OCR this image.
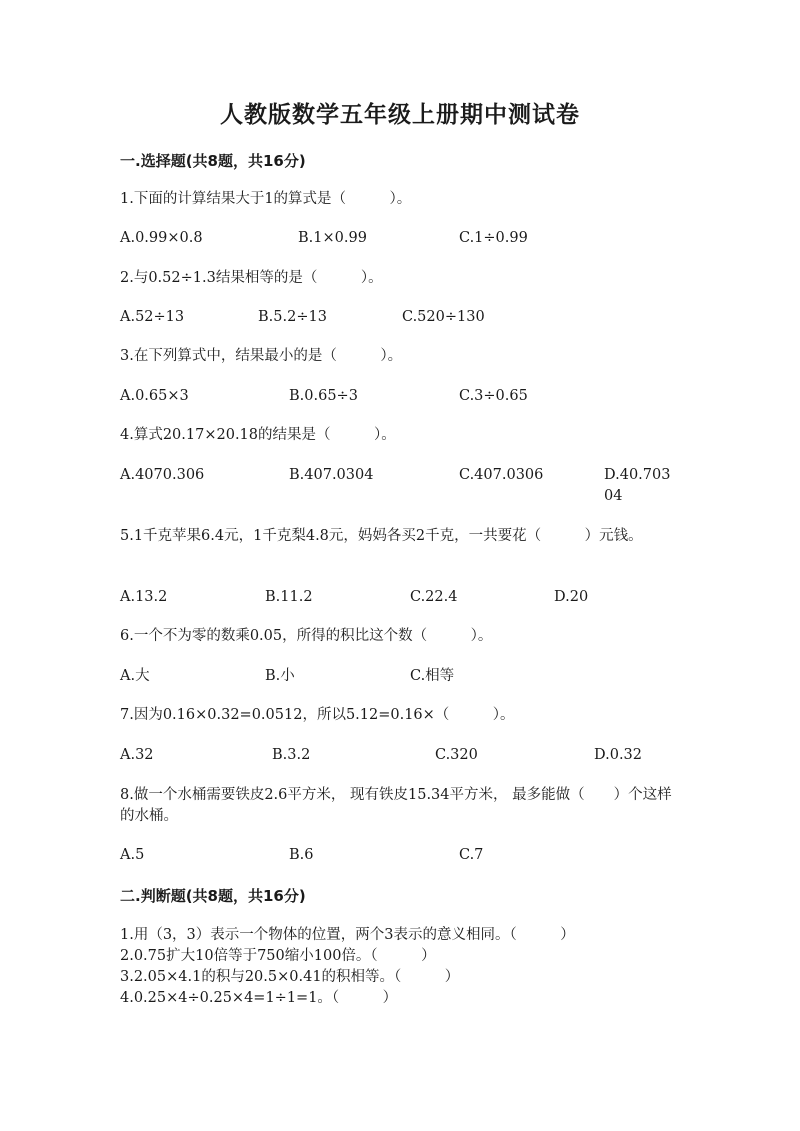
人教版数学五年级上册期中测试卷
一.选择题(共8题，共16分)
1.下面的计算结果大于1的算式是（　　　）。
A.0.99×0.8	B.1×0.99	C.1÷0.99
2.与0.52÷1.3结果相等的是（　　　）。
A.52÷13	B.5.2÷13	C.520÷130
3.在下列算式中，结果最小的是（　　　）。
A.0.65×3	B.0.65÷3	C.3÷0.65
4.算式20.17×20.18的结果是（　　　）。
A.4070.306	B.407.0304	C.407.0306	D.40.70304
5.1千克苹果6.4元，1千克梨4.8元，妈妈各买2千克，一共要花（　　　）元钱。
A.13.2	B.11.2	C.22.4	D.20
6.一个不为零的数乘0.05，所得的积比这个数（　　　）。
A.大	B.小	C.相等
7.因为0.16×0.32=0.0512，所以5.12=0.16×（　　　）。
A.32	B.3.2	C.320	D.0.32
8.做一个水桶需要铁皮2.6平方米， 现有铁皮15.34平方米， 最多能做（　　）个这样的水桶。
A.5	B.6	C.7
二.判断题(共8题，共16分)
1.用（3，3）表示一个物体的位置，两个3表示的意义相同。（　　　）
2.0.75扩大10倍等于750缩小100倍。（　　　）
3.2.05×4.1的积与20.5×0.41的积相等。（　　　）
4.0.25×4÷0.25×4=1÷1=1。（　　　）
